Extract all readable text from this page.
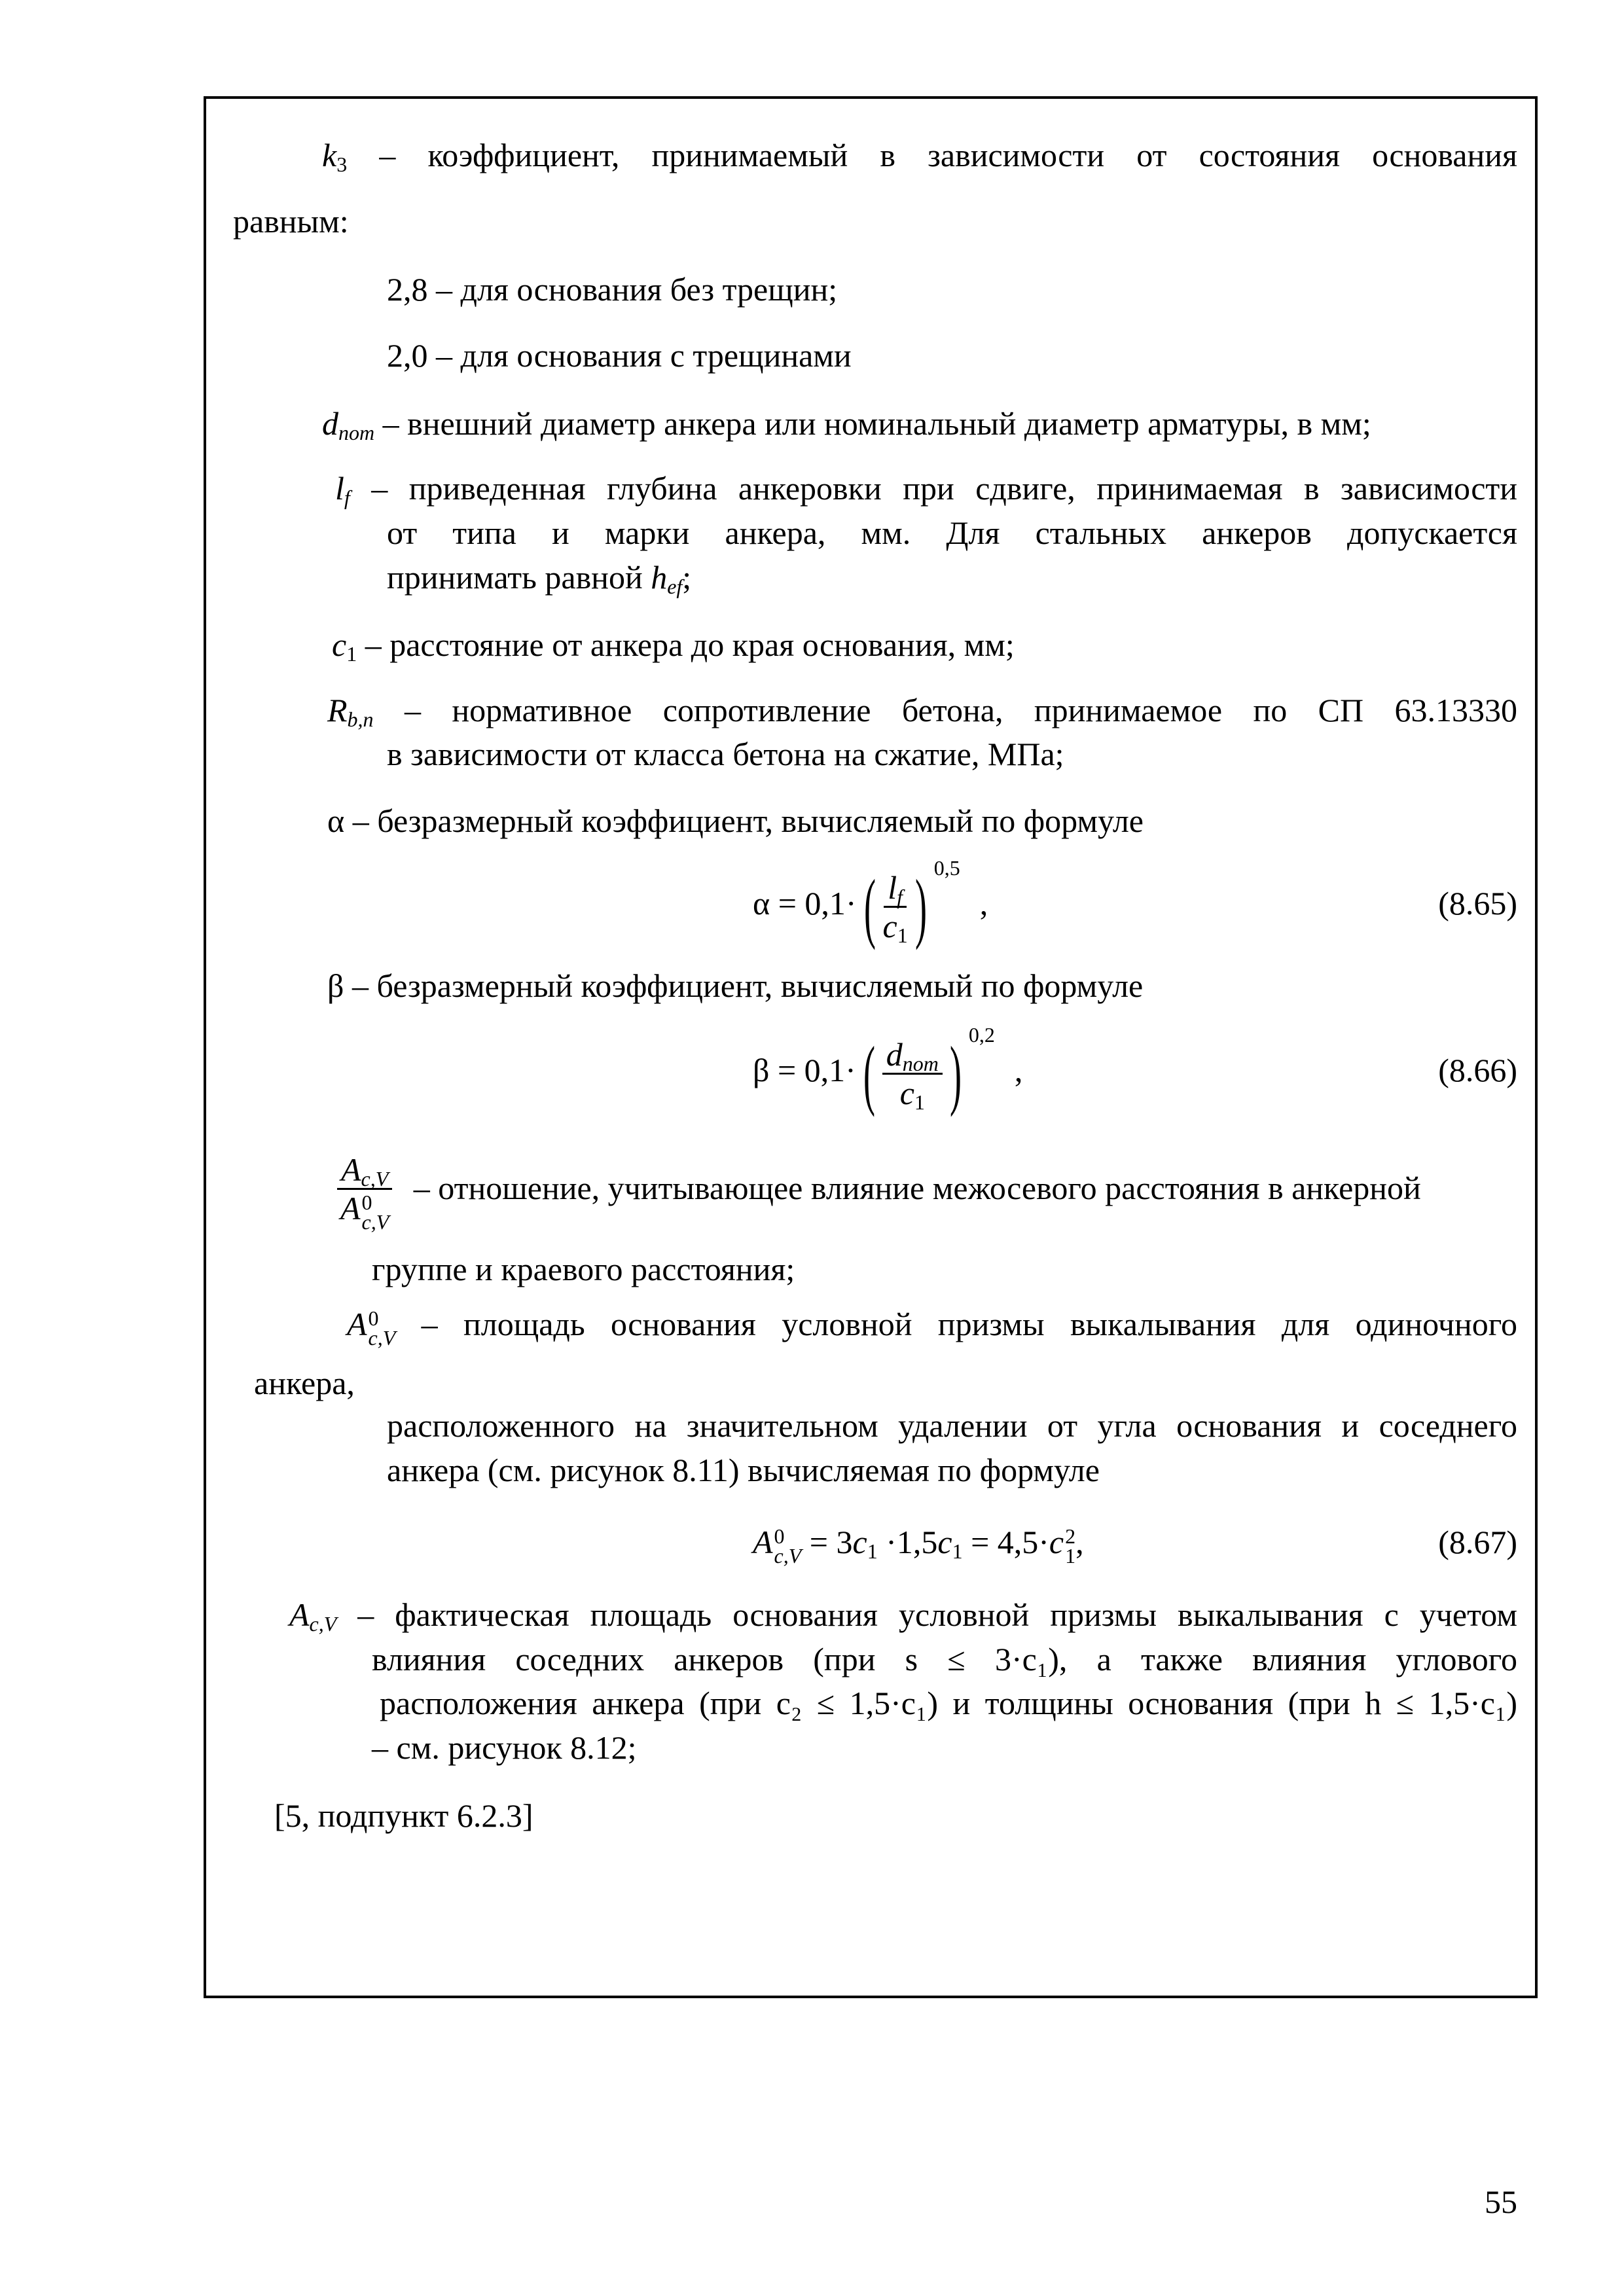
$k_3$ – коэффициент, принимаемый в зависимости от состояния основания
равным:
2,8 – для основания без трещин;
2,0 – для основания с трещинами
$d_{nom}$ – внешний диаметр анкера или номинальный диаметр арматуры, в мм;
$l_f$ – приведенная глубина анкеровки при сдвиге, принимаемая в зависимости
от типа и марки анкера, мм. Для стальных анкеров допускается
принимать равной $h_{ef}$;
$c_1$ – расстояние от анкера до края основания, мм;
$R_{b,n}$ – нормативное сопротивление бетона, принимаемое по СП 63.13330
в зависимости от класса бетона на сжатие, МПа;
α – безразмерный коэффициент, вычисляемый по формуле
$\alpha = 0,1\cdot( \frac{l_f}{c_1}$ ) $^{0,5}$,	(8.65)
β – безразмерный коэффициент, вычисляемый по формуле
$\beta = 0,1\cdot( \frac{d_{nom}}{c_1}$ ) $^{0,2}$,	(8.66)
$A_{c,V}$
A 0
c,V – отношение, учитывающее влияние межосевого расстояния в анкерной
группе и краевого расстояния;
A 0
c,V – площадь основания условной призмы выкалывания для одиночного
анкера,
расположенного на значительном удалении от угла основания и соседнего
анкера (см. рисунок 8.11) вычисляемая по формуле
A 0
$c,V = 3c_1 \cdot 1,5c_1 = 4,5\cdot c$ 2
1 ,	(8.67)
$A_{c,V}$ – фактическая площадь основания условной призмы выкалывания с учетом
влияния соседних анкеров (при s ≤ 3·c₁), а также влияния углового
расположения анкера (при c₂ ≤ 1,5·c₁) и толщины основания (при h ≤ 1,5·c₁)
– см. рисунок 8.12;
[5, подпункт 6.2.3]
55
